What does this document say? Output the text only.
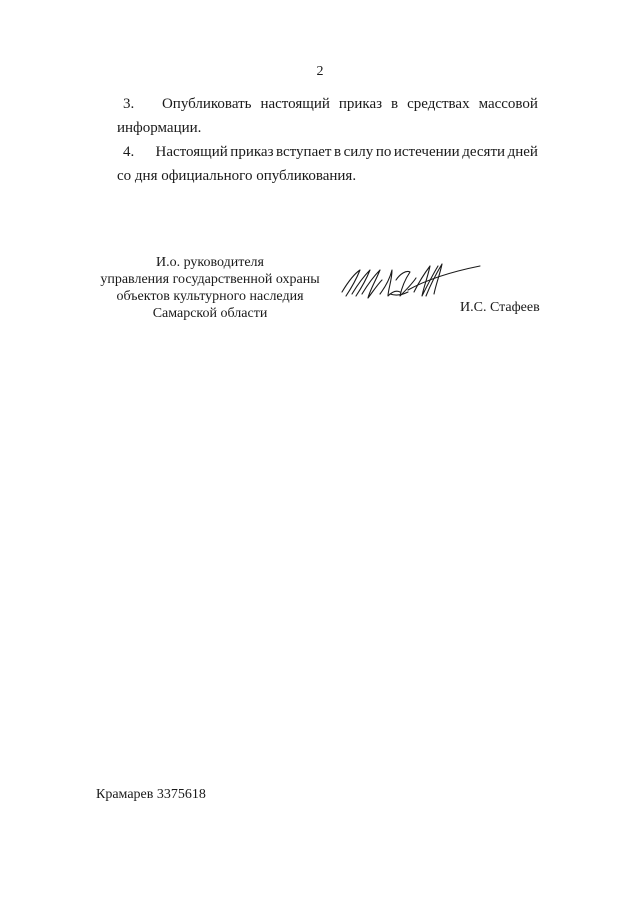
2
3.	Опубликовать настоящий приказ в средствах массовой
информации.
4.	Настоящий приказ вступает в силу по истечении десяти дней
со дня официального опубликования.
И.о. руководителя
управления государственной охраны
объектов культурного наследия
Самарской области	И.С. Стафеев
Крамарев 3375618
